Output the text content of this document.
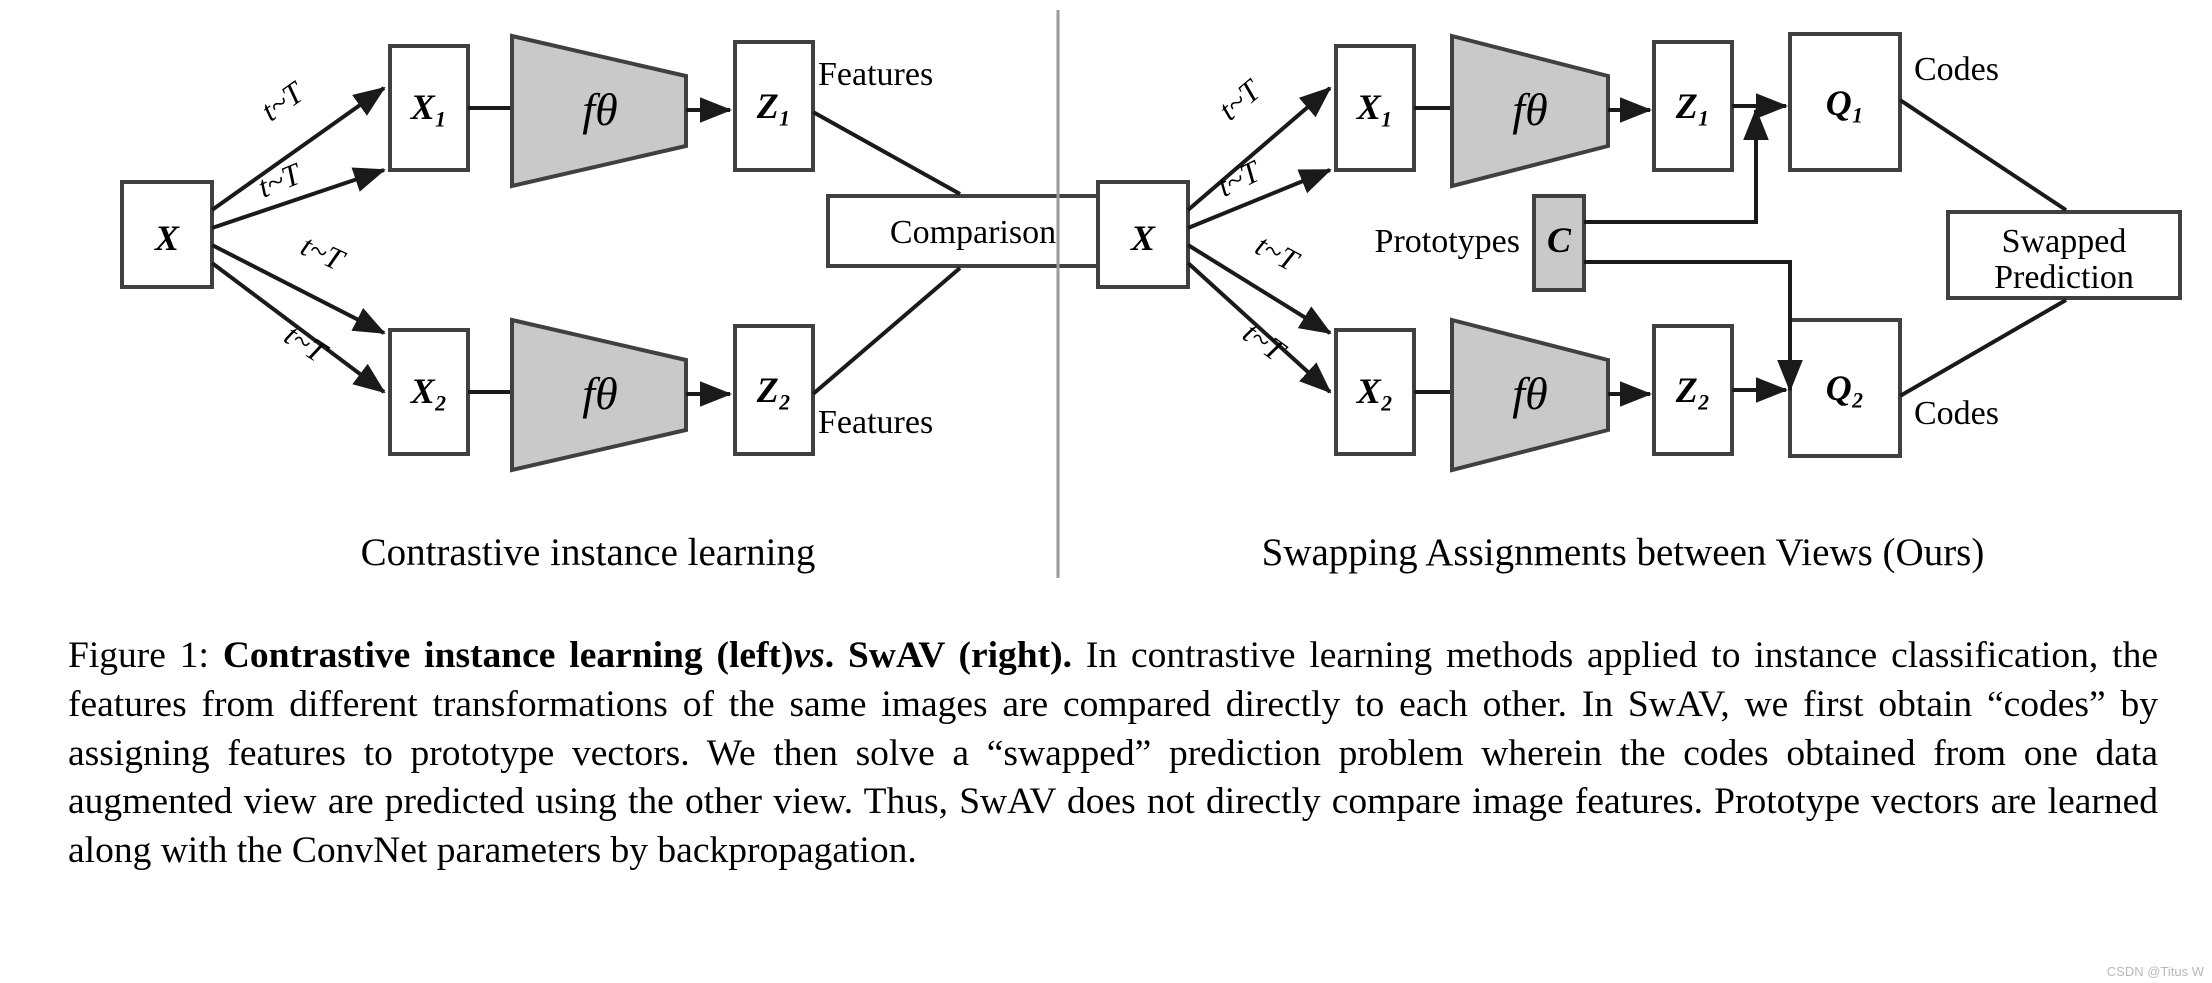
X
X₁
X₂
t~T
t~T
t~T
t~T
fθ	Z₁
Features
fθ	Z₂
Features
Comparison X
X₁
X₂
t~T
t~T
t~T
t~T
fθ	Z₁	Q₁
Codes
fθ	Z₂	Q₂
Codes
C
Prototypes	Swapped
Prediction
Contrastive instance learning	Swapping Assignments between Views (Ours)
Figure 1: Contrastive instance learning (left)vs. SwAV (right). In contrastive learning methods applied to instance classification, the features from different transformations of the same images are compared directly to each other. In SwAV, we first obtain “codes” by assigning features to prototype vectors. We then solve a “swapped” prediction problem wherein the codes obtained from one data augmented view are predicted using the other view. Thus, SwAV does not directly compare image features. Prototype vectors are learned along with the ConvNet parameters by backpropagation.
CSDN @Titus W
